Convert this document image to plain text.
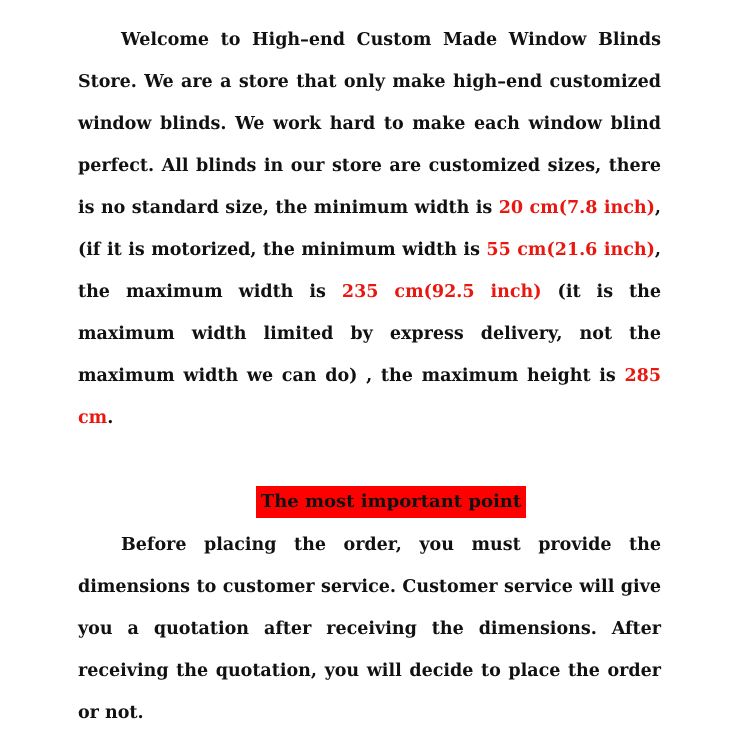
Welcome to High–end Custom Made Window Blinds Store. We are a store that only make high–end customized window blinds. We work hard to make each window blind perfect. All blinds in our store are customized sizes, there is no standard size, the minimum width is 20 cm(7.8 inch), (if it is motorized, the minimum width is 55 cm(21.6 inch), the maximum width is 235 cm(92.5 inch) (it is the maximum width limited by express delivery, not the maximum width we can do) , the maximum height is 285 cm.

The most important point

Before placing the order, you must provide the dimensions to customer service. Customer service will give you a quotation after receiving the dimensions. After receiving the quotation, you will decide to place the order or not.
